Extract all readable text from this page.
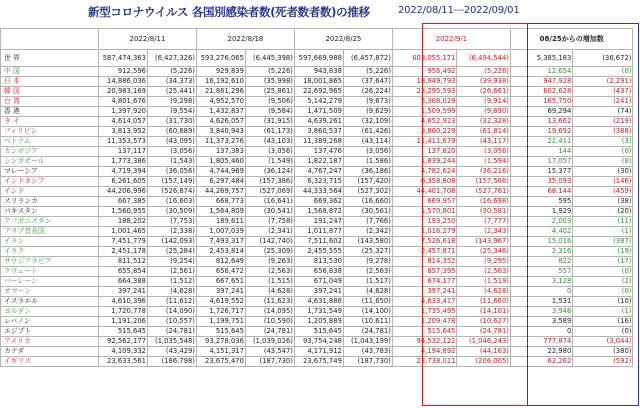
新型コロナウイルス 各国別感染者数(死者数者数)の推移	2022/08/11---2022/09/01
	2022/8/11		2022/8/18		2022/8/25		2022/9/1		08/25からの増加数		
世 界	587,474,363	(6,427,326)	593,276,065	(6,445,398)	597,669,988	(6,457,872)	603,055,171	(6,494,544)	5,385,183	(36,672)	
中 国	912,596	(5,226)	929,839	(5,226)	943,838	(5,226)	956,492	(5,226)	12,654	(0)	
日 本	14,886,036	(34,373)	16,192,610	(35,998)	18,001,865	(37,647)	18,949,793	(39,938)	947,928	(2,291)	
韓 国	20,983,169	(25,441)	21,861,296	(25,861)	22,692,965	(26,224)	23,295,593	(26,661)	602,628	(437)	
台 湾	4,801,676	(9,298)	4,952,570	(9,506)	5,142,279	(9,673)	5,308,029	(9,914)	165,750	(241)	
香 港	1,397,920	(9,554)	1,432,837	(9,584)	1,471,509	(9,629)	1,509,599	(9,690)	69,294	(74)	
タ イ	4,614,057	(31,730)	4,626,057	(31,915)	4,639,261	(32,109)	4,652,923	(32,328)	13,662	(219)	
フィリピン	3,813,952	(60,889)	3,840,943	(61,173)	3,860,537	(61,426)	3,880,229	(61,814)	19,692	(388)	
ベトナム	11,353,573	(43,095)	11,373,276	(43,103)	11,389,268	(43,114)	11,411,679	(43,117)	22,411	(3)	
カンボジア	137,117	(3,056)	137,383	(3,056)	137,476	(3,056)	137,620	(3,056)	144	(0)	
シンガポール	1,773,386	(1,543)	1,805,460	(1,549)	1,822,187	(1,586)	1,839,244	(1,594)	17,057	(8)	
マレーシア	4,719,394	(36,056)	4,744,969	(36,124)	4,767,247	(36,186)	4,782,624	(36,216)	15,377	(30)	
インドネシア	6,261,605	(157,149)	6,297,484	(157,386)	6,323,715	(157,420)	6,358,808	(157,566)	35,093	(146)	
インド	44,206,996	(526,874)	44,269,757	(527,069)	44,333,564	(527,302)	44,401,708	(527,761)	68,144	(459)	
スリランカ	667,385	(16,603)	668,773	(16,641)	669,362	(16,660)	669,957	(16,698)	595	(38)	
パキスタン	1,560,955	(30,509)	1,564,809	(30,541)	1,568,872	(30,561)	1,570,801	(30,581)	1,929	(20)	
アフガニスタン	188,202	(7,753)	189,611	(7,758)	191,247	(7,766)	193,250	(7,777)	2,003	(11)	
アラブ首長国	1,001,465	(2,338)	1,007,039	(2,341)	1,011,877	(2,342)	1,016,279	(2,343)	4,402	(1)	
イラン	7,451,779	(142,093)	7,493,317	(142,740)	7,511,602	(143,580)	7,526,618	(143,967)	15,016	(387)	
イラク	2,451,178	(25,284)	2,453,814	(25,309)	2,455,555	(25,327)	2,457,871	(25,346)	2,316	(19)	
サウジアラビア	811,512	(9,254)	812,649	(9,263)	813,530	(9,278)	814,352	(9,295)	822	(17)	
クウェート	655,854	(2,561)	656,472	(2,563)	656,838	(2,563)	657,395	(2,563)	557	(0)	
バーレーン	664,388	(1,512)	667,651	(1,515)	671,049	(1,517)	674,177	(1,519)	3,128	(2)	
オマーン	397,241	(4,628)	397,241	(4,628)	397,241	(4,628)	397,241	(4,628)	0	(0)	
イスラエル	4,610,396	(11,612)	4,619,552	(11,623)	4,631,886	(11,650)	4,633,417	(11,660)	1,531	(10)	
ヨルダン	1,720,778	(14,090)	1,726,717	(14,095)	1,731,549	(14,100)	1,735,495	(14,101)	3,946	(1)	
レバノン	1,191,206	(10,557)	1,199,751	(10,590)	1,205,889	(10,611)	1,209,478	(10,627)	3,589	(16)	
エジプト	515,645	(24,781)	515,645	(24,781)	515,645	(24,781)	515,645	(24,781)	0	(0)	
アメリカ	92,562,177	(1,035,548)	93,278,036	(1,039,026)	93,754,248	(1,043,199)	94,532,122	(1,046,243)	777,874	(3,044)	
カナダ	4,109,332	(43,429)	4,151,317	(43,547)	4,171,912	(43,783)	4,194,892	(44,163)	22,980	(380)	
イギリス	23,633,561	(186,798)	23,675,470	(187,730)	23,675,749	(187,730)	23,738,011	(206,005)	62,262	(592)	
